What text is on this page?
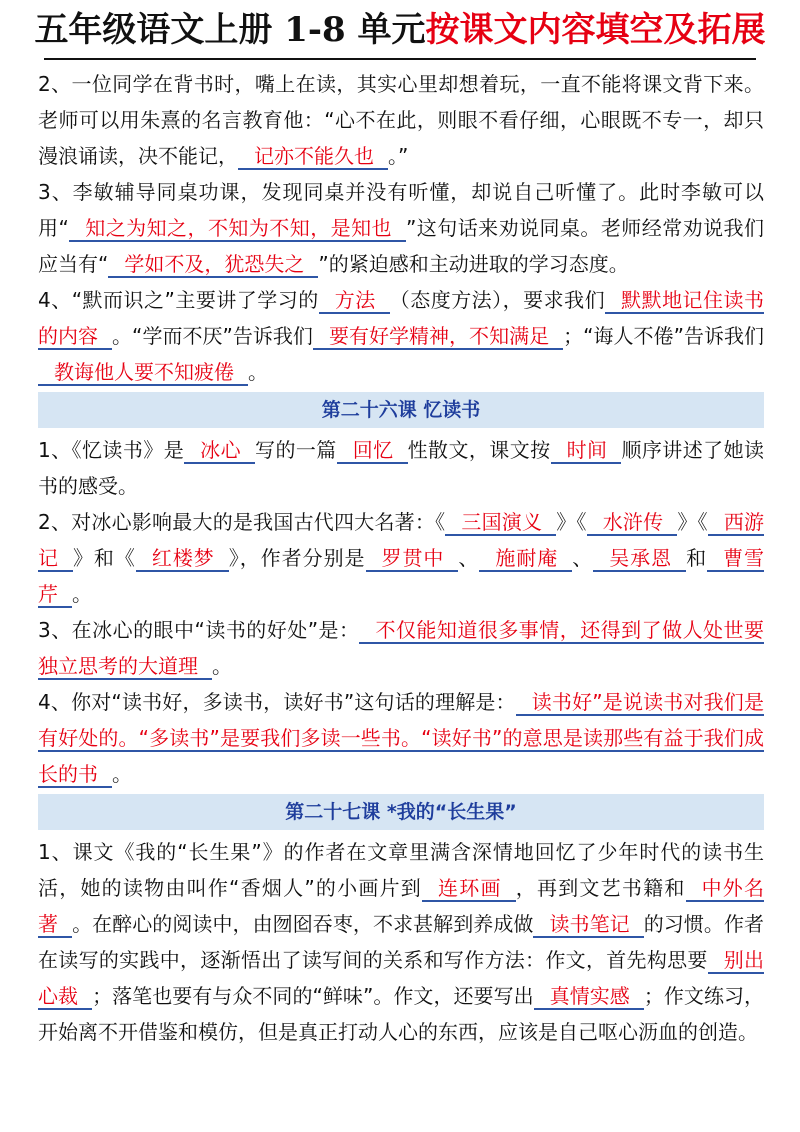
五年级语文上册 1-8 单元按课文内容填空及拓展

2、一位同学在背书时，嘴上在读，其实心里却想着玩，一直不能将课文背下来。老师可以用朱熹的名言教育他：“心不在此，则眼不看仔细，心眼既不专一，却只漫浪诵读，决不能记， 记亦不能久也 。”

3、李敏辅导同桌功课，发现同桌并没有听懂，却说自己听懂了。此时李敏可以用“ 知之为知之，不知为不知，是知也 ”这句话来劝说同桌。老师经常劝说我们应当有“ 学如不及，犹恐失之 ”的紧迫感和主动进取的学习态度。

4、“默而识之”主要讲了学习的 方法 （态度方法），要求我们 默默地记住读书的内容 。“学而不厌”告诉我们 要有好学精神，不知满足 ；“诲人不倦”告诉我们教诲他人要不知疲倦 。

第二十六课 忆读书

1、《忆读书》是 冰心 写的一篇 回忆 性散文，课文按 时间 顺序讲述了她读书的感受。

2、对冰心影响最大的是我国古代四大名著：《 三国演义 》《 水浒传 》《 西游记 》和《 红楼梦 》，作者分别是 罗贯中 、 施耐庵 、 吴承恩 和 曹雪芹 。

3、在冰心的眼中“读书的好处”是： 不仅能知道很多事情，还得到了做人处世要独立思考的大道理 。

4、你对“读书好，多读书，读好书”这句话的理解是： 读书好”是说读书对我们是有好处的。“多读书”是要我们多读一些书。“读好书”的意思是读那些有益于我们成长的书 。

第二十七课 *我的“长生果”

1、课文《我的“长生果”》的作者在文章里满含深情地回忆了少年时代的读书生活，她的读物由叫作“香烟人”的小画片到 连环画 ，再到文艺书籍和 中外名著 。在醉心的阅读中，由囫囵吞枣，不求甚解到养成做 读书笔记 的习惯。作者在读写的实践中，逐渐悟出了读写间的关系和写作方法：作文，首先构思要 别出心裁 ；落笔也要有与众不同的“鲜味”。作文，还要写出 真情实感 ；作文练习，开始离不开借鉴和模仿，但是真正打动人心的东西，应该是自己呕心沥血的创造。
